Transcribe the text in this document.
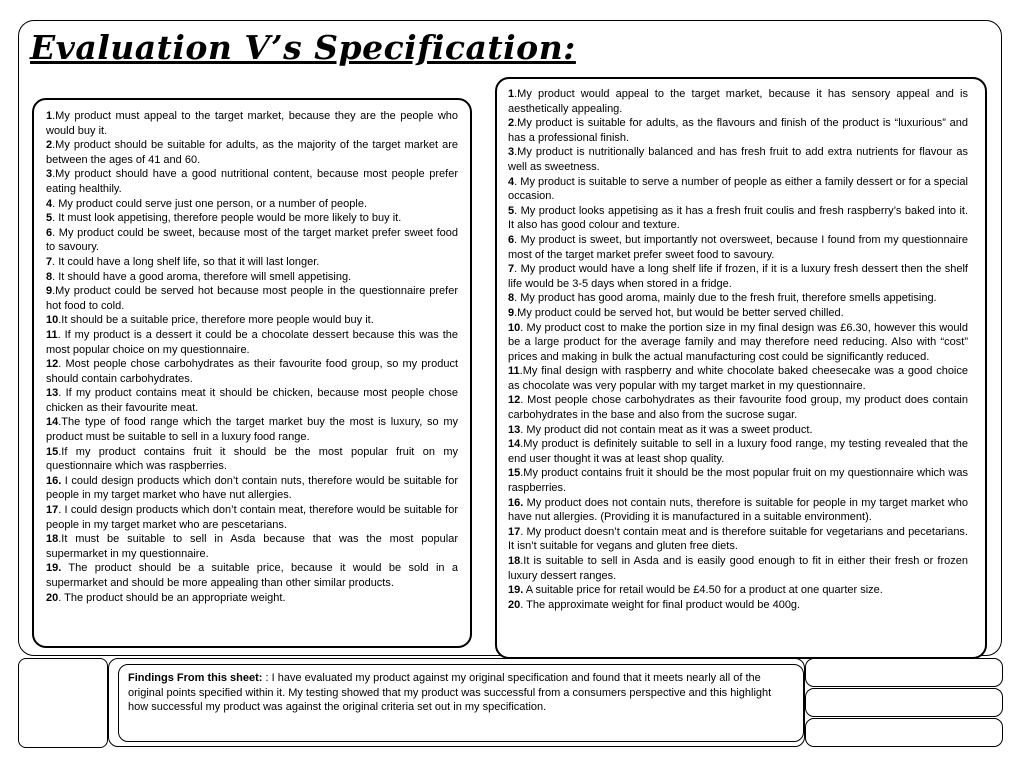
Evaluation V’s Specification:

1.My product must appeal to the target market, because they are the people who would buy it.

2.My product should be suitable for adults, as the majority of the target market are between the ages of 41 and 60.

3.My product should have a good nutritional content, because most people prefer eating healthily.

4. My product could serve just one person, or a number of people.

5. It must look appetising, therefore people would be more likely to buy it.

6. My product could be sweet, because most of the target market prefer sweet food to savoury.

7. It could have a long shelf life, so that it will last longer.

8. It should have a good aroma, therefore will smell appetising.

9.My product could be served hot because most people in the questionnaire prefer hot food to cold.

10.It should be a suitable price, therefore more people would buy it.

11. If my product is a dessert it could be a chocolate dessert because this was the most popular choice on my questionnaire.

12. Most people chose carbohydrates as their favourite food group, so my product should contain carbohydrates.

13. If my product contains meat it should be chicken, because most people chose chicken as their favourite meat.

14.The type of food range which the target market buy the most is luxury, so my product must be suitable to sell in a luxury food range.

15.If my product contains fruit it should be the most popular fruit on my questionnaire which was raspberries.

16. I could design products which don’t contain nuts, therefore would be suitable for people in my target market who have nut allergies.

17. I could design products which don’t contain meat, therefore would be suitable for people in my target market who are pescetarians.

18.It must be suitable to sell in Asda because that was the most popular supermarket in my questionnaire.

19. The product should be a suitable price, because it would be sold in a supermarket and should be more appealing than other similar products.

20. The product should be an appropriate weight.

1.My product would appeal to the target market, because it has sensory appeal and is aesthetically appealing.

2.My product is suitable for adults, as the flavours and finish of the product is “luxurious” and has a professional finish.

3.My product is nutritionally balanced and has fresh fruit to add extra nutrients for flavour as well as sweetness.

4. My product is suitable to serve a number of people as either a family dessert or for a special occasion.

5. My product looks appetising as it has a fresh fruit coulis and fresh raspberry’s baked into it. It also has good colour and texture.

6. My product is sweet, but importantly not oversweet, because I found from my questionnaire most of the target market prefer sweet food to savoury.

7. My product would have a long shelf life if frozen, if it is a luxury fresh dessert then the shelf life would be 3-5 days when stored in a fridge.

8. My product has good aroma, mainly due to the fresh fruit, therefore smells appetising.

9.My product could be served hot, but would be better served chilled.

10. My product cost to make the portion size in my final design was £6.30, however this would be a large product for the average family and may therefore need reducing. Also with “cost” prices and making in bulk the actual manufacturing cost could be significantly reduced.

11.My final design with raspberry and white chocolate baked cheesecake was a good choice as chocolate was very popular with my target market in my questionnaire.

12. Most people chose carbohydrates as their favourite food group, my product does contain carbohydrates in the base and also from the sucrose sugar.

13. My product did not contain meat as it was a sweet product.

14.My product is definitely suitable to sell in a luxury food range, my testing revealed that the end user thought it was at least shop quality.

15.My product contains fruit it should be the most popular fruit on my questionnaire which was raspberries.

16. My product does not contain nuts, therefore is suitable for people in my target market who have nut allergies. (Providing it is manufactured in a suitable environment).

17. My product doesn’t contain meat and is therefore suitable for vegetarians and pecetarians. It isn’t suitable for vegans and gluten free diets.

18.It is suitable to sell in Asda and is easily good enough to fit in either their fresh or frozen luxury dessert ranges.

19. A suitable price for retail would be £4.50 for a product at one quarter size.

20. The approximate weight for final product would be 400g.

Findings From this sheet: : I have evaluated my product against my original specification and found that it meets nearly all of the original points specified within it. My testing showed that my product was successful from a consumers perspective and this highlight how successful my product was against the original criteria set out in my specification.
